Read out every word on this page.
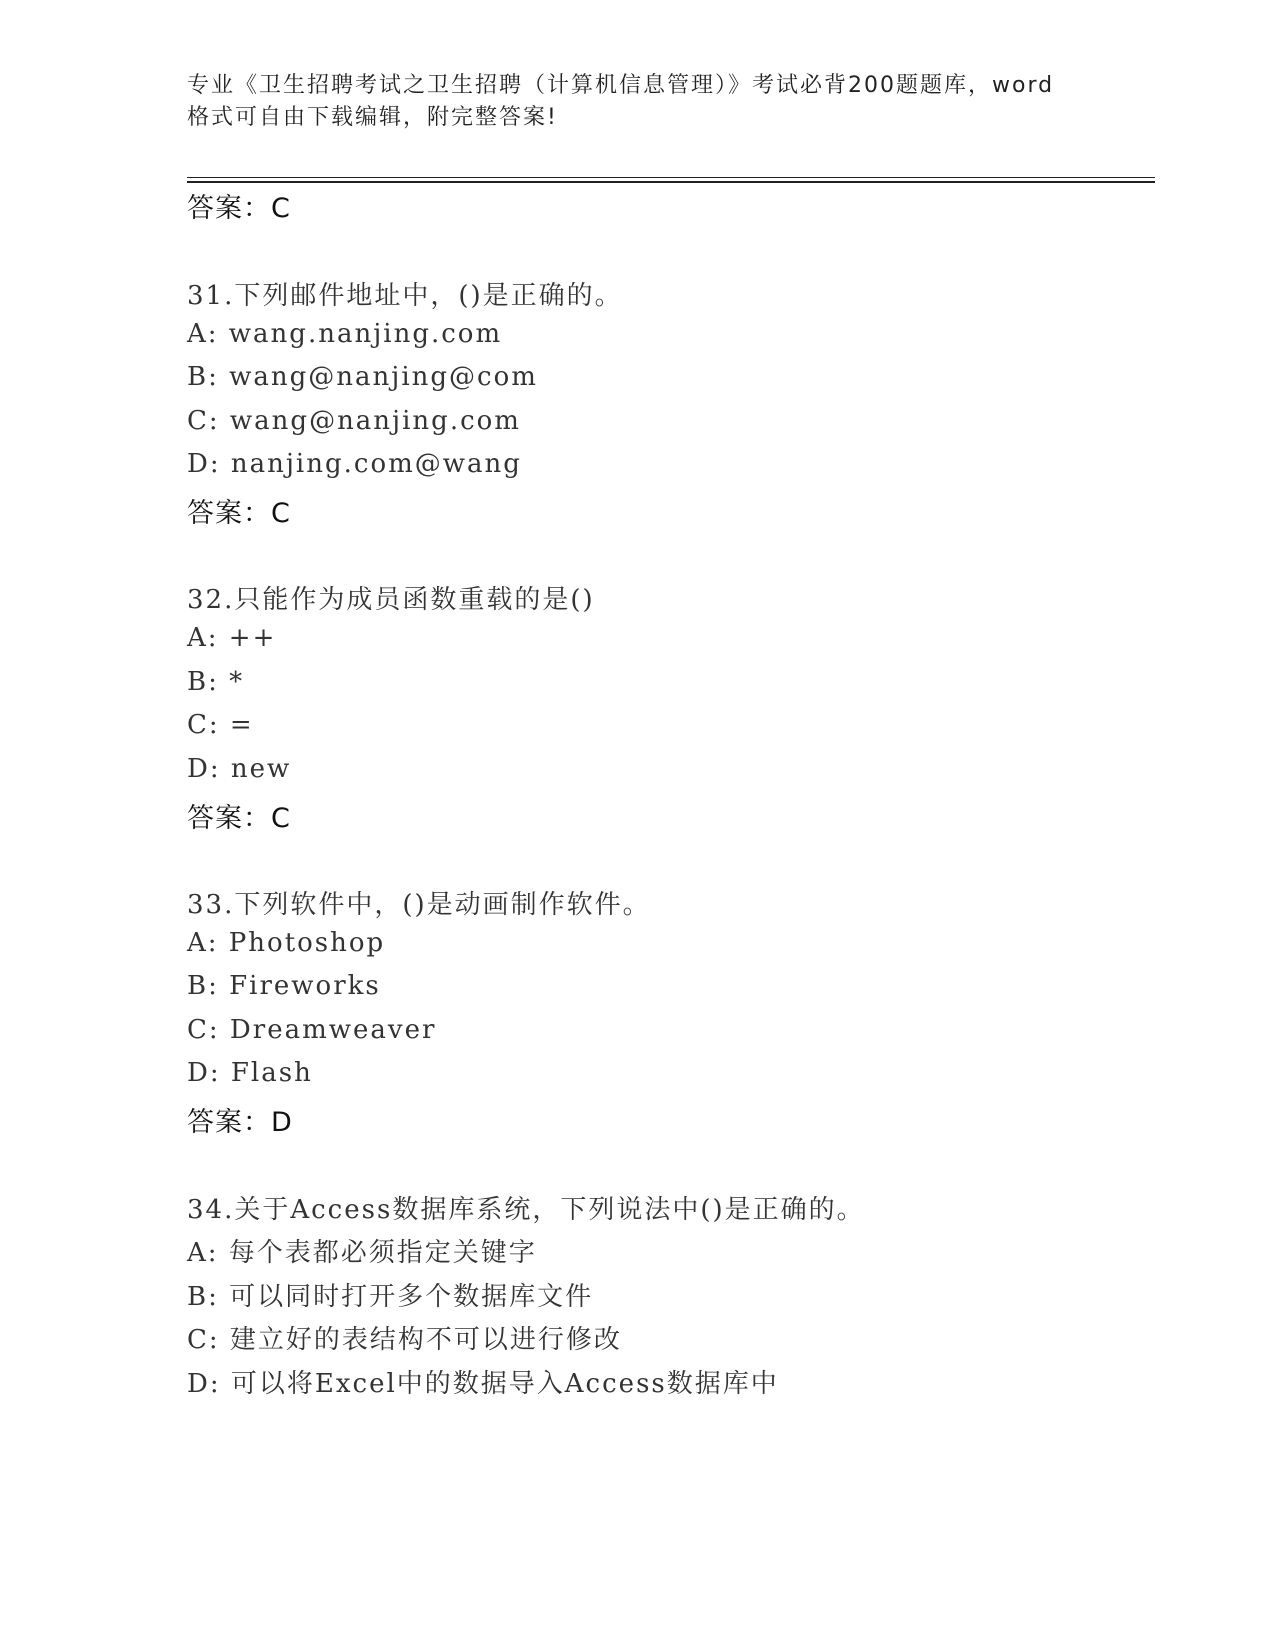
专业《卫生招聘考试之卫生招聘（计算机信息管理）》考试必背200题题库，word
格式可自由下载编辑，附完整答案!
答案：C
31.下列邮件地址中，()是正确的。
A: wang.nanjing.com
B: wang@nanjing@com
C: wang@nanjing.com
D: nanjing.com@wang
答案：C
32.只能作为成员函数重载的是()
A: ++
B: *
C: =
D: new
答案：C
33.下列软件中，()是动画制作软件。
A: Photoshop
B: Fireworks
C: Dreamweaver
D: Flash
答案：D
34.关于Access数据库系统，下列说法中()是正确的。
A: 每个表都必须指定关键字
B: 可以同时打开多个数据库文件
C: 建立好的表结构不可以进行修改
D: 可以将Excel中的数据导入Access数据库中
